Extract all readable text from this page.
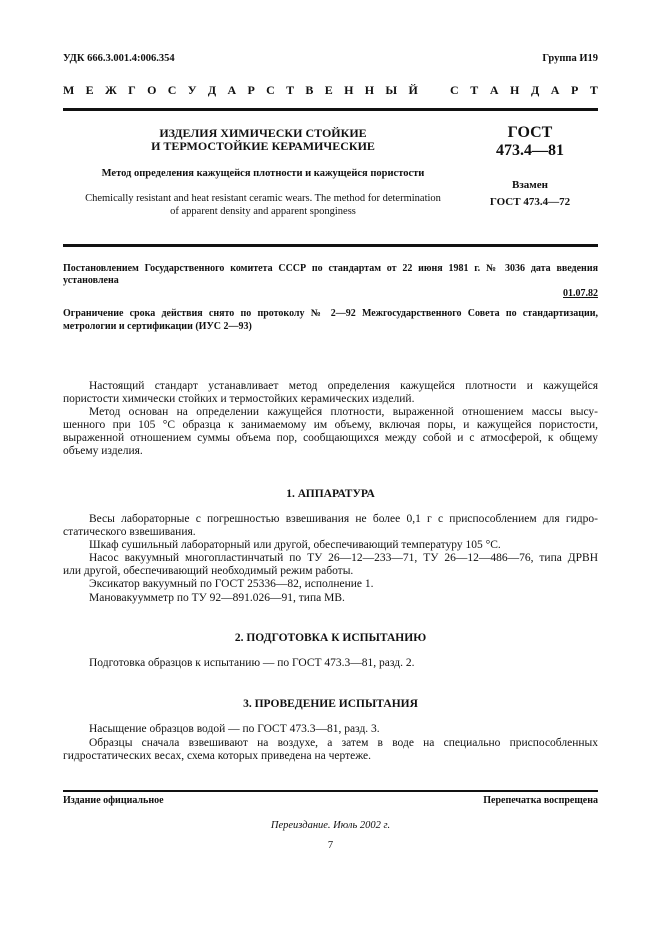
УДК 666.3.001.4:006.354	Группа И19
М Е Ж Г О С У Д А Р С Т В Е Н Н Ы Й	С Т А Н Д А Р Т
ИЗДЕЛИЯ ХИМИЧЕСКИ СТОЙКИЕ
И ТЕРМОСТОЙКИЕ КЕРАМИЧЕСКИЕ
Метод определения кажущейся плотности и кажущейся пористости
Chemically resistant and heat resistant ceramic wears. The method for determination
of apparent density and apparent sponginess
ГОСТ
473.4—81
Взамен
ГОСТ 473.4—72
Постановлением Государственного комитета СССР по стандартам от 22 июня 1981 г. № 3036 дата введения
установлена
01.07.82
Ограничение срока действия снято по протоколу № 2—92 Межгосударственного Совета по стандартизации,
метрологии и сертификации (ИУС 2—93)
Настоящий стандарт устанавливает метод определения кажущейся плотности и кажущейся
пористости химически стойких и термостойких керамических изделий.
Метод основан на определении кажущейся плотности, выраженной отношением массы высу-
шенного при 105 °С образца к занимаемому им объему, включая поры, и кажущейся пористости,
выраженной отношением суммы объема пор, сообщающихся между собой и с атмосферой, к общему
объему изделия.
1. АППАРАТУРА
Весы лабораторные с погрешностью взвешивания не более 0,1 г с приспособлением для гидро-
статического взвешивания.
Шкаф сушильный лабораторный или другой, обеспечивающий температуру 105 °С.
Насос вакуумный многопластинчатый по ТУ 26—12—233—71, ТУ 26—12—486—76, типа ДРВН
или другой, обеспечивающий необходимый режим работы.
Эксикатор вакуумный по ГОСТ 25336—82, исполнение 1.
Мановакуумметр по ТУ 92—891.026—91, типа МВ.
2. ПОДГОТОВКА К ИСПЫТАНИЮ
Подготовка образцов к испытанию — по ГОСТ 473.3—81, разд. 2.
3. ПРОВЕДЕНИЕ ИСПЫТАНИЯ
Насыщение образцов водой — по ГОСТ 473.3—81, разд. 3.
Образцы сначала взвешивают на воздухе, а затем в воде на специально приспособленных
гидростатических весах, схема которых приведена на чертеже.
Издание официальное	Перепечатка воспрещена
Переиздание. Июль 2002 г.
7
